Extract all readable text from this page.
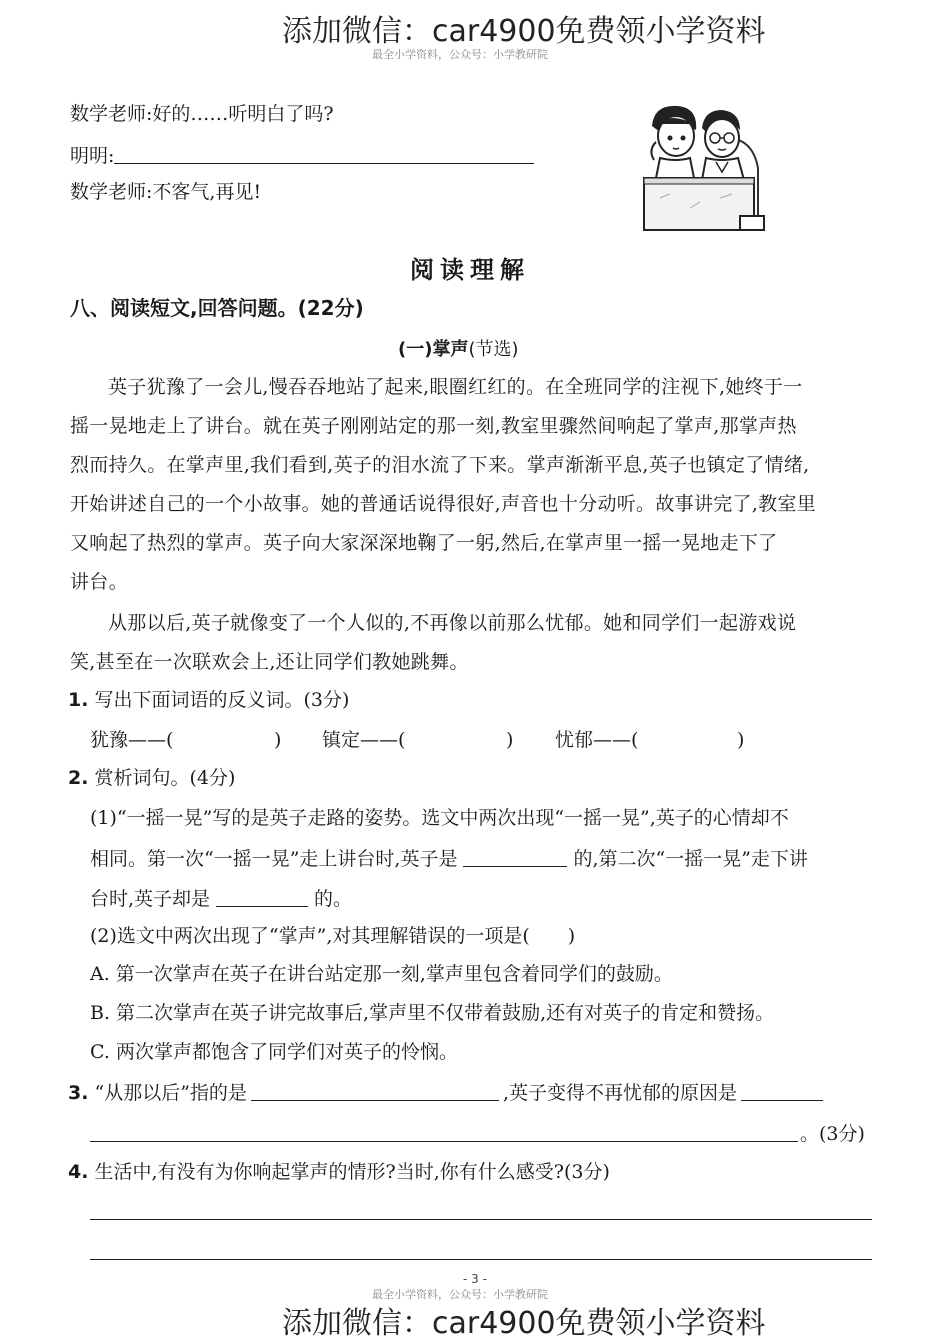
添加微信：car4900免费领小学资料
最全小学资料，公众号：小学教研院
数学老师:好的……听明白了吗?
明明:
数学老师:不客气,再见!
阅读理解
八、阅读短文,回答问题。(22分)
(一)掌声(节选)
英子犹豫了一会儿,慢吞吞地站了起来,眼圈红红的。在全班同学的注视下,她终于一
摇一晃地走上了讲台。就在英子刚刚站定的那一刻,教室里骤然间响起了掌声,那掌声热
烈而持久。在掌声里,我们看到,英子的泪水流了下来。掌声渐渐平息,英子也镇定了情绪,
开始讲述自己的一个小故事。她的普通话说得很好,声音也十分动听。故事讲完了,教室里
又响起了热烈的掌声。英子向大家深深地鞠了一躬,然后,在掌声里一摇一晃地走下了
讲台。
从那以后,英子就像变了一个人似的,不再像以前那么忧郁。她和同学们一起游戏说
笑,甚至在一次联欢会上,还让同学们教她跳舞。
1. 写出下面词语的反义词。(3分)
犹豫——(	) 镇定——(	) 忧郁——(	)
2. 赏析词句。(4分)
(1)“一摇一晃”写的是英子走路的姿势。选文中两次出现“一摇一晃”,英子的心情却不
相同。第一次“一摇一晃”走上讲台时,英子是	的,第二次“一摇一晃”走下讲
台时,英子却是	的。
(2)选文中两次出现了“掌声”,对其理解错误的一项是(　　)
A. 第一次掌声在英子在讲台站定那一刻,掌声里包含着同学们的鼓励。
B. 第二次掌声在英子讲完故事后,掌声里不仅带着鼓励,还有对英子的肯定和赞扬。
C. 两次掌声都饱含了同学们对英子的怜悯。
3. “从那以后”指的是	,英子变得不再忧郁的原因是
。(3分)
4. 生活中,有没有为你响起掌声的情形?当时,你有什么感受?(3分)
- 3 -
最全小学资料，公众号：小学教研院
添加微信：car4900免费领小学资料
